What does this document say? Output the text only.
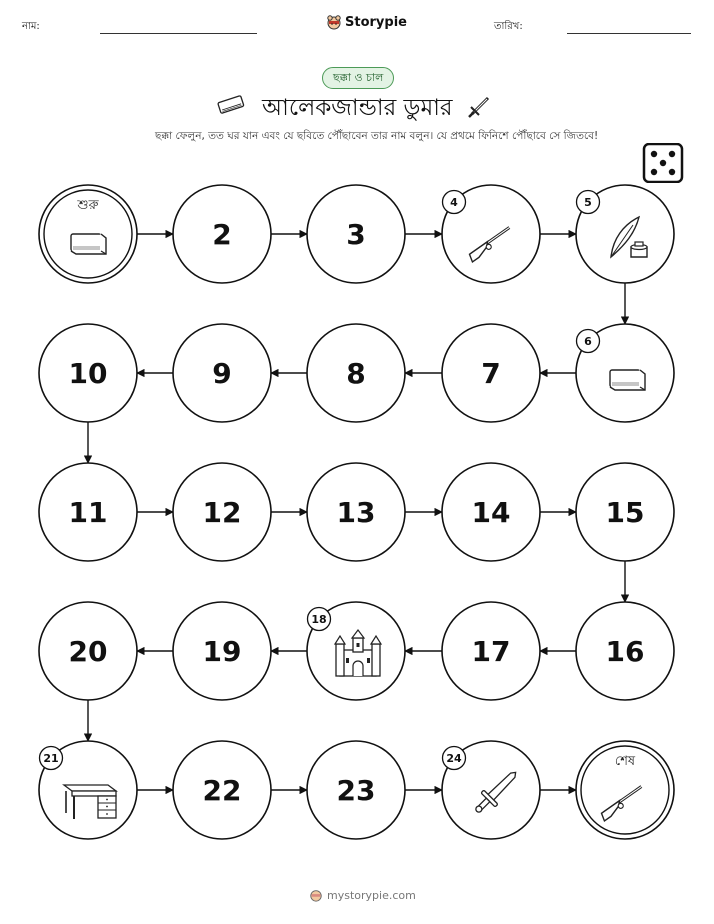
নাম:	Storypie	তারিখ:
ছক্কা ও চাল
আলেকজান্ডার ডুমার
ছক্কা ফেলুন, তত ঘর যান এবং যে ছবিতে পৌঁছাবেন তার নাম বলুন। যে প্রথমে ফিনিশে পৌঁছাবে সে জিতবে!
শুরু
2	3
4	5
6
7
8
9
10
11	12	13	14	15
16
17
18
19
20
21
22	23
24	শেষ
mystorypie.com
